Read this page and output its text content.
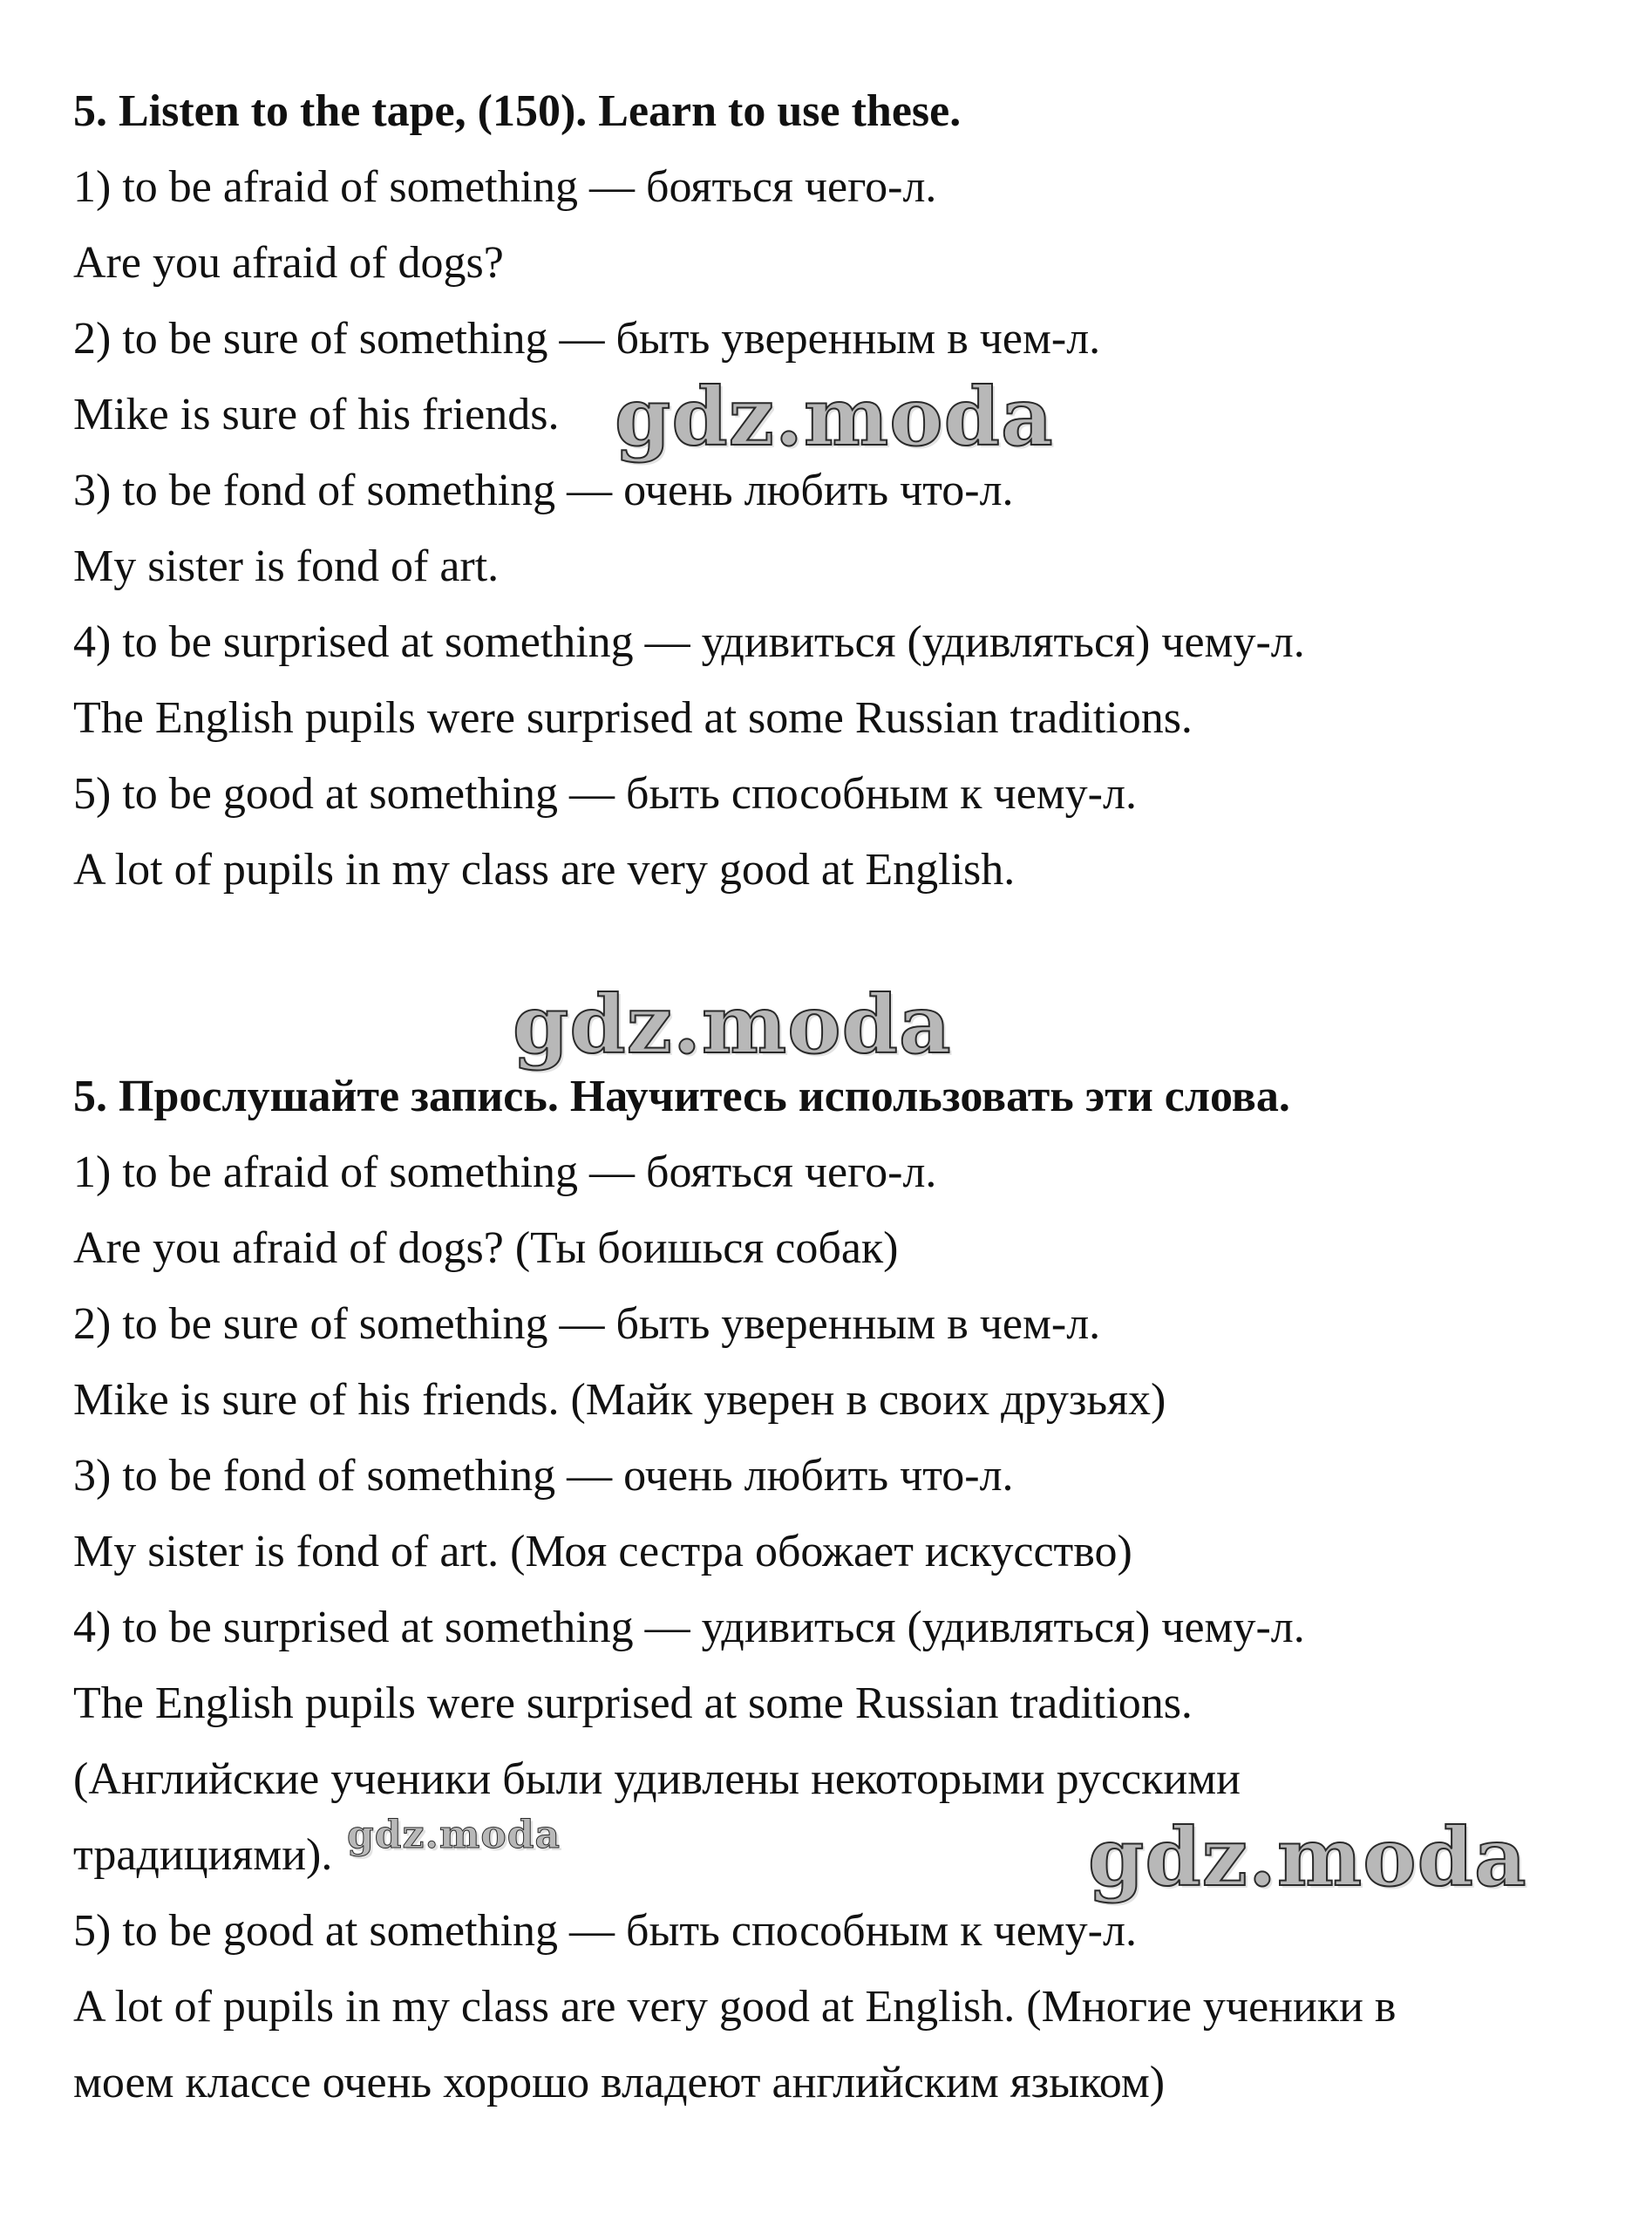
5. Listen to the tape, (150). Learn to use these.
1) to be afraid of something — бояться чего-л.
Are you afraid of dogs?
2) to be sure of something — быть уверенным в чем-л.
Mike is sure of his friends.
3) to be fond of something — очень любить что-л.
My sister is fond of art.
4) to be surprised at something — удивиться (удивляться) чему-л.
The English pupils were surprised at some Russian traditions.
5) to be good at something — быть способным к чему-л.
A lot of pupils in my class are very good at English.
5. Прослушайте запись. Научитесь использовать эти слова.
1) to be afraid of something — бояться чего-л.
Are you afraid of dogs? (Ты боишься собак)
2) to be sure of something — быть уверенным в чем-л.
Mike is sure of his friends. (Майк уверен в своих друзьях)
3) to be fond of something — очень любить что-л.
My sister is fond of art. (Моя сестра обожает искусство)
4) to be surprised at something — удивиться (удивляться) чему-л.
The English pupils were surprised at some Russian traditions.
(Английские ученики были удивлены некоторыми русскими
традициями).
5) to be good at something — быть способным к чему-л.
A lot of pupils in my class are very good at English. (Многие ученики в
моем классе очень хорошо владеют английским языком)
gdz.moda
gdz.moda
gdz.moda	gdz.moda
